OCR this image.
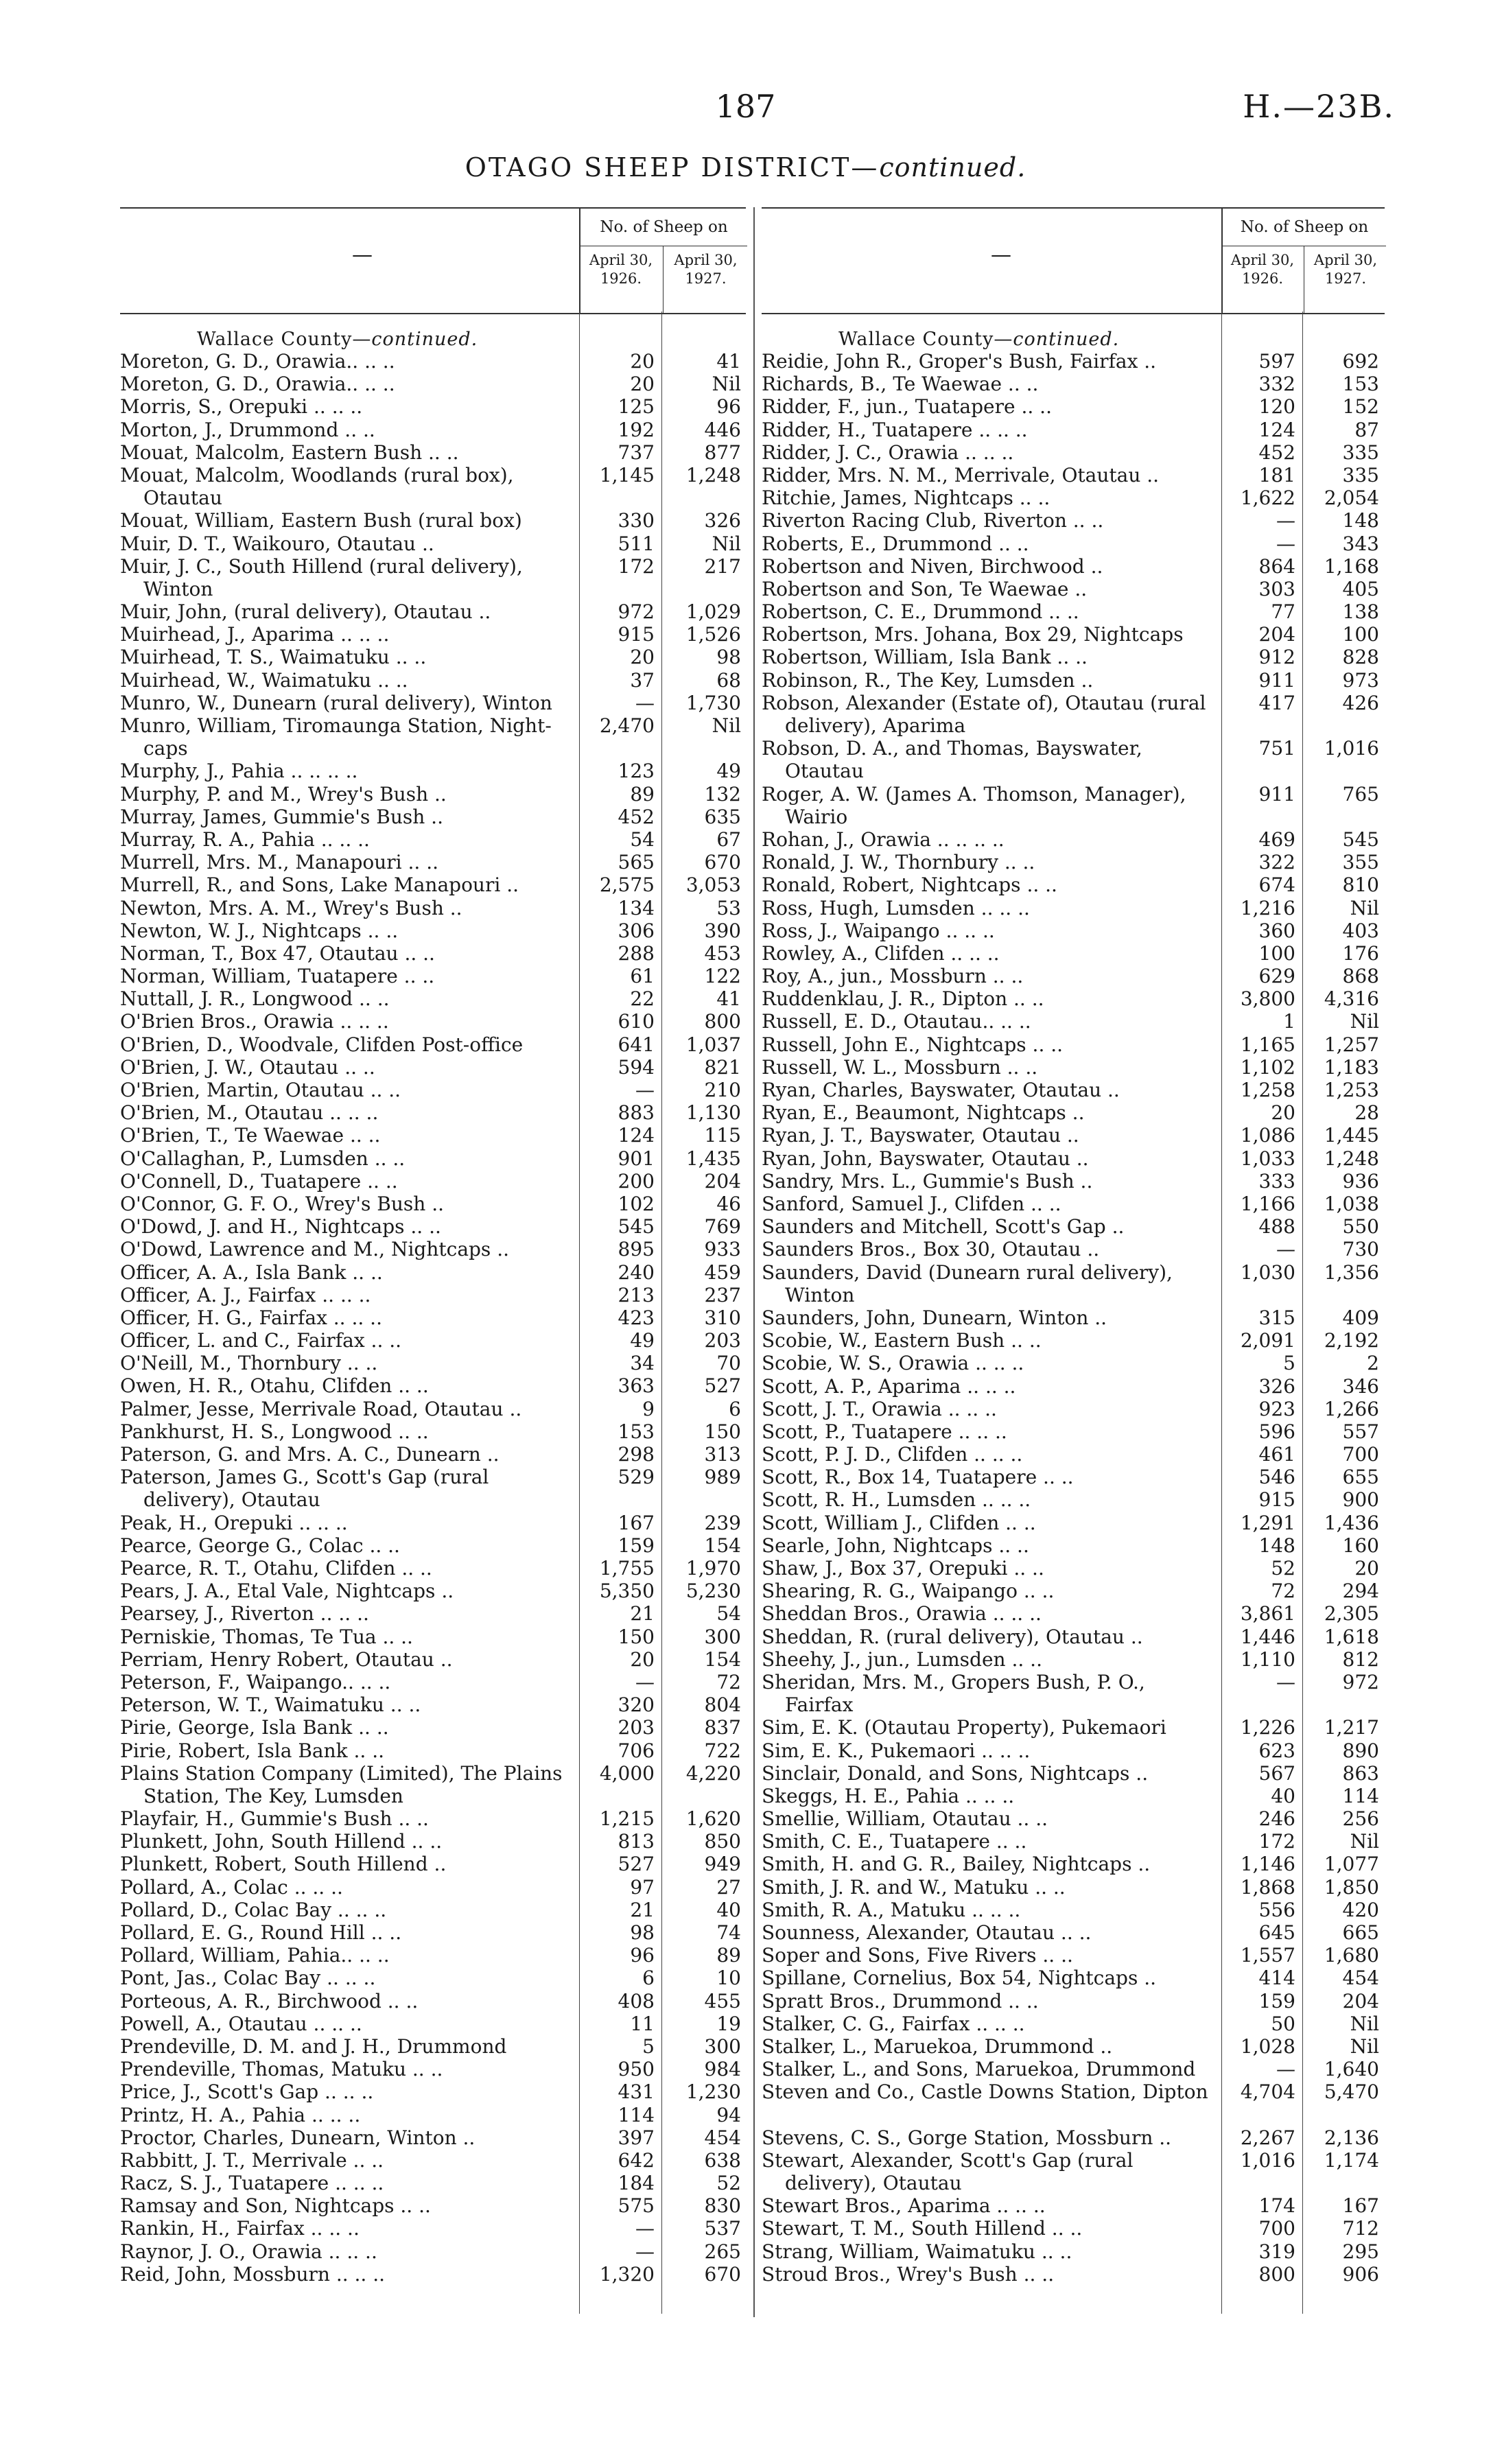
187	H.—23B.
OTAGO SHEEP DISTRICT—continued.
—
No. of Sheep on
April 30, 1926.
April 30, 1927.
Wallace County—continued.
Moreton, G. D., Orawia.. .. ..	20	41
Moreton, G. D., Orawia.. .. ..	20	Nil
Morris, S., Orepuki .. .. ..	125	96
Morton, J., Drummond .. ..	192	446
Mouat, Malcolm, Eastern Bush .. ..	737	877
Mouat, Malcolm, Woodlands (rural box), Otautau
1,145	1,248
Mouat, William, Eastern Bush (rural box)	330	326
Muir, D. T., Waikouro, Otautau ..	511	Nil
Muir, J. C., South Hillend (rural delivery), Winton
172	217
Muir, John, (rural delivery), Otautau ..	972	1,029
Muirhead, J., Aparima .. .. ..	915	1,526
Muirhead, T. S., Waimatuku .. ..	20	98
Muirhead, W., Waimatuku .. ..	37	68
Munro, W., Dunearn (rural delivery), Winton	—	1,730
Munro, William, Tiromaunga Station, Night-caps
2,470	Nil
Murphy, J., Pahia .. .. .. ..	123	49
Murphy, P. and M., Wrey's Bush ..	89	132
Murray, James, Gummie's Bush ..	452	635
Murray, R. A., Pahia .. .. ..	54	67
Murrell, Mrs. M., Manapouri .. ..	565	670
Murrell, R., and Sons, Lake Manapouri ..	2,575	3,053
Newton, Mrs. A. M., Wrey's Bush ..	134	53
Newton, W. J., Nightcaps .. ..	306	390
Norman, T., Box 47, Otautau .. ..	288	453
Norman, William, Tuatapere .. ..	61	122
Nuttall, J. R., Longwood .. ..	22	41
O'Brien Bros., Orawia .. .. ..	610	800
O'Brien, D., Woodvale, Clifden Post-office	641	1,037
O'Brien, J. W., Otautau .. ..	594	821
O'Brien, Martin, Otautau .. ..	—	210
O'Brien, M., Otautau .. .. ..	883	1,130
O'Brien, T., Te Waewae .. ..	124	115
O'Callaghan, P., Lumsden .. ..	901	1,435
O'Connell, D., Tuatapere .. ..	200	204
O'Connor, G. F. O., Wrey's Bush ..	102	46
O'Dowd, J. and H., Nightcaps .. ..	545	769
O'Dowd, Lawrence and M., Nightcaps ..	895	933
Officer, A. A., Isla Bank .. ..	240	459
Officer, A. J., Fairfax .. .. ..	213	237
Officer, H. G., Fairfax .. .. ..	423	310
Officer, L. and C., Fairfax .. ..	49	203
O'Neill, M., Thornbury .. ..	34	70
Owen, H. R., Otahu, Clifden .. ..	363	527
Palmer, Jesse, Merrivale Road, Otautau ..	9	6
Pankhurst, H. S., Longwood .. ..	153	150
Paterson, G. and Mrs. A. C., Dunearn ..	298	313
Paterson, James G., Scott's Gap (rural delivery), Otautau
529	989
Peak, H., Orepuki .. .. ..	167	239
Pearce, George G., Colac .. ..	159	154
Pearce, R. T., Otahu, Clifden .. ..	1,755	1,970
Pears, J. A., Etal Vale, Nightcaps ..	5,350	5,230
Pearsey, J., Riverton .. .. ..	21	54
Perniskie, Thomas, Te Tua .. ..	150	300
Perriam, Henry Robert, Otautau ..	20	154
Peterson, F., Waipango.. .. ..	—	72
Peterson, W. T., Waimatuku .. ..	320	804
Pirie, George, Isla Bank .. ..	203	837
Pirie, Robert, Isla Bank .. ..	706	722
Plains Station Company (Limited), The Plains Station, The Key, Lumsden
4,000	4,220
Playfair, H., Gummie's Bush .. ..	1,215	1,620
Plunkett, John, South Hillend .. ..	813	850
Plunkett, Robert, South Hillend ..	527	949
Pollard, A., Colac .. .. ..	97	27
Pollard, D., Colac Bay .. .. ..	21	40
Pollard, E. G., Round Hill .. ..	98	74
Pollard, William, Pahia.. .. ..	96	89
Pont, Jas., Colac Bay .. .. ..	6	10
Porteous, A. R., Birchwood .. ..	408	455
Powell, A., Otautau .. .. ..	11	19
Prendeville, D. M. and J. H., Drummond	5	300
Prendeville, Thomas, Matuku .. ..	950	984
Price, J., Scott's Gap .. .. ..	431	1,230
Printz, H. A., Pahia .. .. ..	114	94
Proctor, Charles, Dunearn, Winton ..	397	454
Rabbitt, J. T., Merrivale .. ..	642	638
Racz, S. J., Tuatapere .. .. ..	184	52
Ramsay and Son, Nightcaps .. ..	575	830
Rankin, H., Fairfax .. .. ..	—	537
Raynor, J. O., Orawia .. .. ..	—	265
Reid, John, Mossburn .. .. ..	1,320	670
—
No. of Sheep on
April 30, 1926.
April 30, 1927.
Wallace County—continued.
Reidie, John R., Groper's Bush, Fairfax ..	597	692
Richards, B., Te Waewae .. ..	332	153
Ridder, F., jun., Tuatapere .. ..	120	152
Ridder, H., Tuatapere .. .. ..	124	87
Ridder, J. C., Orawia .. .. ..	452	335
Ridder, Mrs. N. M., Merrivale, Otautau ..	181	335
Ritchie, James, Nightcaps .. ..	1,622	2,054
Riverton Racing Club, Riverton .. ..	—	148
Roberts, E., Drummond .. ..	—	343
Robertson and Niven, Birchwood ..	864	1,168
Robertson and Son, Te Waewae ..	303	405
Robertson, C. E., Drummond .. ..	77	138
Robertson, Mrs. Johana, Box 29, Nightcaps	204	100
Robertson, William, Isla Bank .. ..	912	828
Robinson, R., The Key, Lumsden ..	911	973
Robson, Alexander (Estate of), Otautau (rural delivery), Aparima
417	426
Robson, D. A., and Thomas, Bayswater, Otautau
751	1,016
Roger, A. W. (James A. Thomson, Manager), Wairio
911	765
Rohan, J., Orawia .. .. .. ..	469	545
Ronald, J. W., Thornbury .. ..	322	355
Ronald, Robert, Nightcaps .. ..	674	810
Ross, Hugh, Lumsden .. .. ..	1,216	Nil
Ross, J., Waipango .. .. ..	360	403
Rowley, A., Clifden .. .. ..	100	176
Roy, A., jun., Mossburn .. ..	629	868
Ruddenklau, J. R., Dipton .. ..	3,800	4,316
Russell, E. D., Otautau.. .. ..	1	Nil
Russell, John E., Nightcaps .. ..	1,165	1,257
Russell, W. L., Mossburn .. ..	1,102	1,183
Ryan, Charles, Bayswater, Otautau ..	1,258	1,253
Ryan, E., Beaumont, Nightcaps ..	20	28
Ryan, J. T., Bayswater, Otautau ..	1,086	1,445
Ryan, John, Bayswater, Otautau ..	1,033	1,248
Sandry, Mrs. L., Gummie's Bush ..	333	936
Sanford, Samuel J., Clifden .. ..	1,166	1,038
Saunders and Mitchell, Scott's Gap ..	488	550
Saunders Bros., Box 30, Otautau ..	—	730
Saunders, David (Dunearn rural delivery), Winton
1,030	1,356
Saunders, John, Dunearn, Winton ..	315	409
Scobie, W., Eastern Bush .. ..	2,091	2,192
Scobie, W. S., Orawia .. .. ..	5	2
Scott, A. P., Aparima .. .. ..	326	346
Scott, J. T., Orawia .. .. ..	923	1,266
Scott, P., Tuatapere .. .. ..	596	557
Scott, P. J. D., Clifden .. .. ..	461	700
Scott, R., Box 14, Tuatapere .. ..	546	655
Scott, R. H., Lumsden .. .. ..	915	900
Scott, William J., Clifden .. ..	1,291	1,436
Searle, John, Nightcaps .. ..	148	160
Shaw, J., Box 37, Orepuki .. ..	52	20
Shearing, R. G., Waipango .. ..	72	294
Sheddan Bros., Orawia .. .. ..	3,861	2,305
Sheddan, R. (rural delivery), Otautau ..	1,446	1,618
Sheehy, J., jun., Lumsden .. ..	1,110	812
Sheridan, Mrs. M., Gropers Bush, P. O., Fairfax
—	972
Sim, E. K. (Otautau Property), Pukemaori	1,226	1,217
Sim, E. K., Pukemaori .. .. ..	623	890
Sinclair, Donald, and Sons, Nightcaps ..	567	863
Skeggs, H. E., Pahia .. .. ..	40	114
Smellie, William, Otautau .. ..	246	256
Smith, C. E., Tuatapere .. ..	172	Nil
Smith, H. and G. R., Bailey, Nightcaps ..	1,146	1,077
Smith, J. R. and W., Matuku .. ..	1,868	1,850
Smith, R. A., Matuku .. .. ..	556	420
Sounness, Alexander, Otautau .. ..	645	665
Soper and Sons, Five Rivers .. ..	1,557	1,680
Spillane, Cornelius, Box 54, Nightcaps ..	414	454
Spratt Bros., Drummond .. ..	159	204
Stalker, C. G., Fairfax .. .. ..	50	Nil
Stalker, L., Maruekoa, Drummond ..	1,028	Nil
Stalker, L., and Sons, Maruekoa, Drummond	—	1,640
Steven and Co., Castle Downs Station, Dipton	4,704	5,470
Stevens, C. S., Gorge Station, Mossburn ..	2,267	2,136
Stewart, Alexander, Scott's Gap (rural delivery), Otautau
1,016	1,174
Stewart Bros., Aparima .. .. ..	174	167
Stewart, T. M., South Hillend .. ..	700	712
Strang, William, Waimatuku .. ..	319	295
Stroud Bros., Wrey's Bush .. ..	800	906
